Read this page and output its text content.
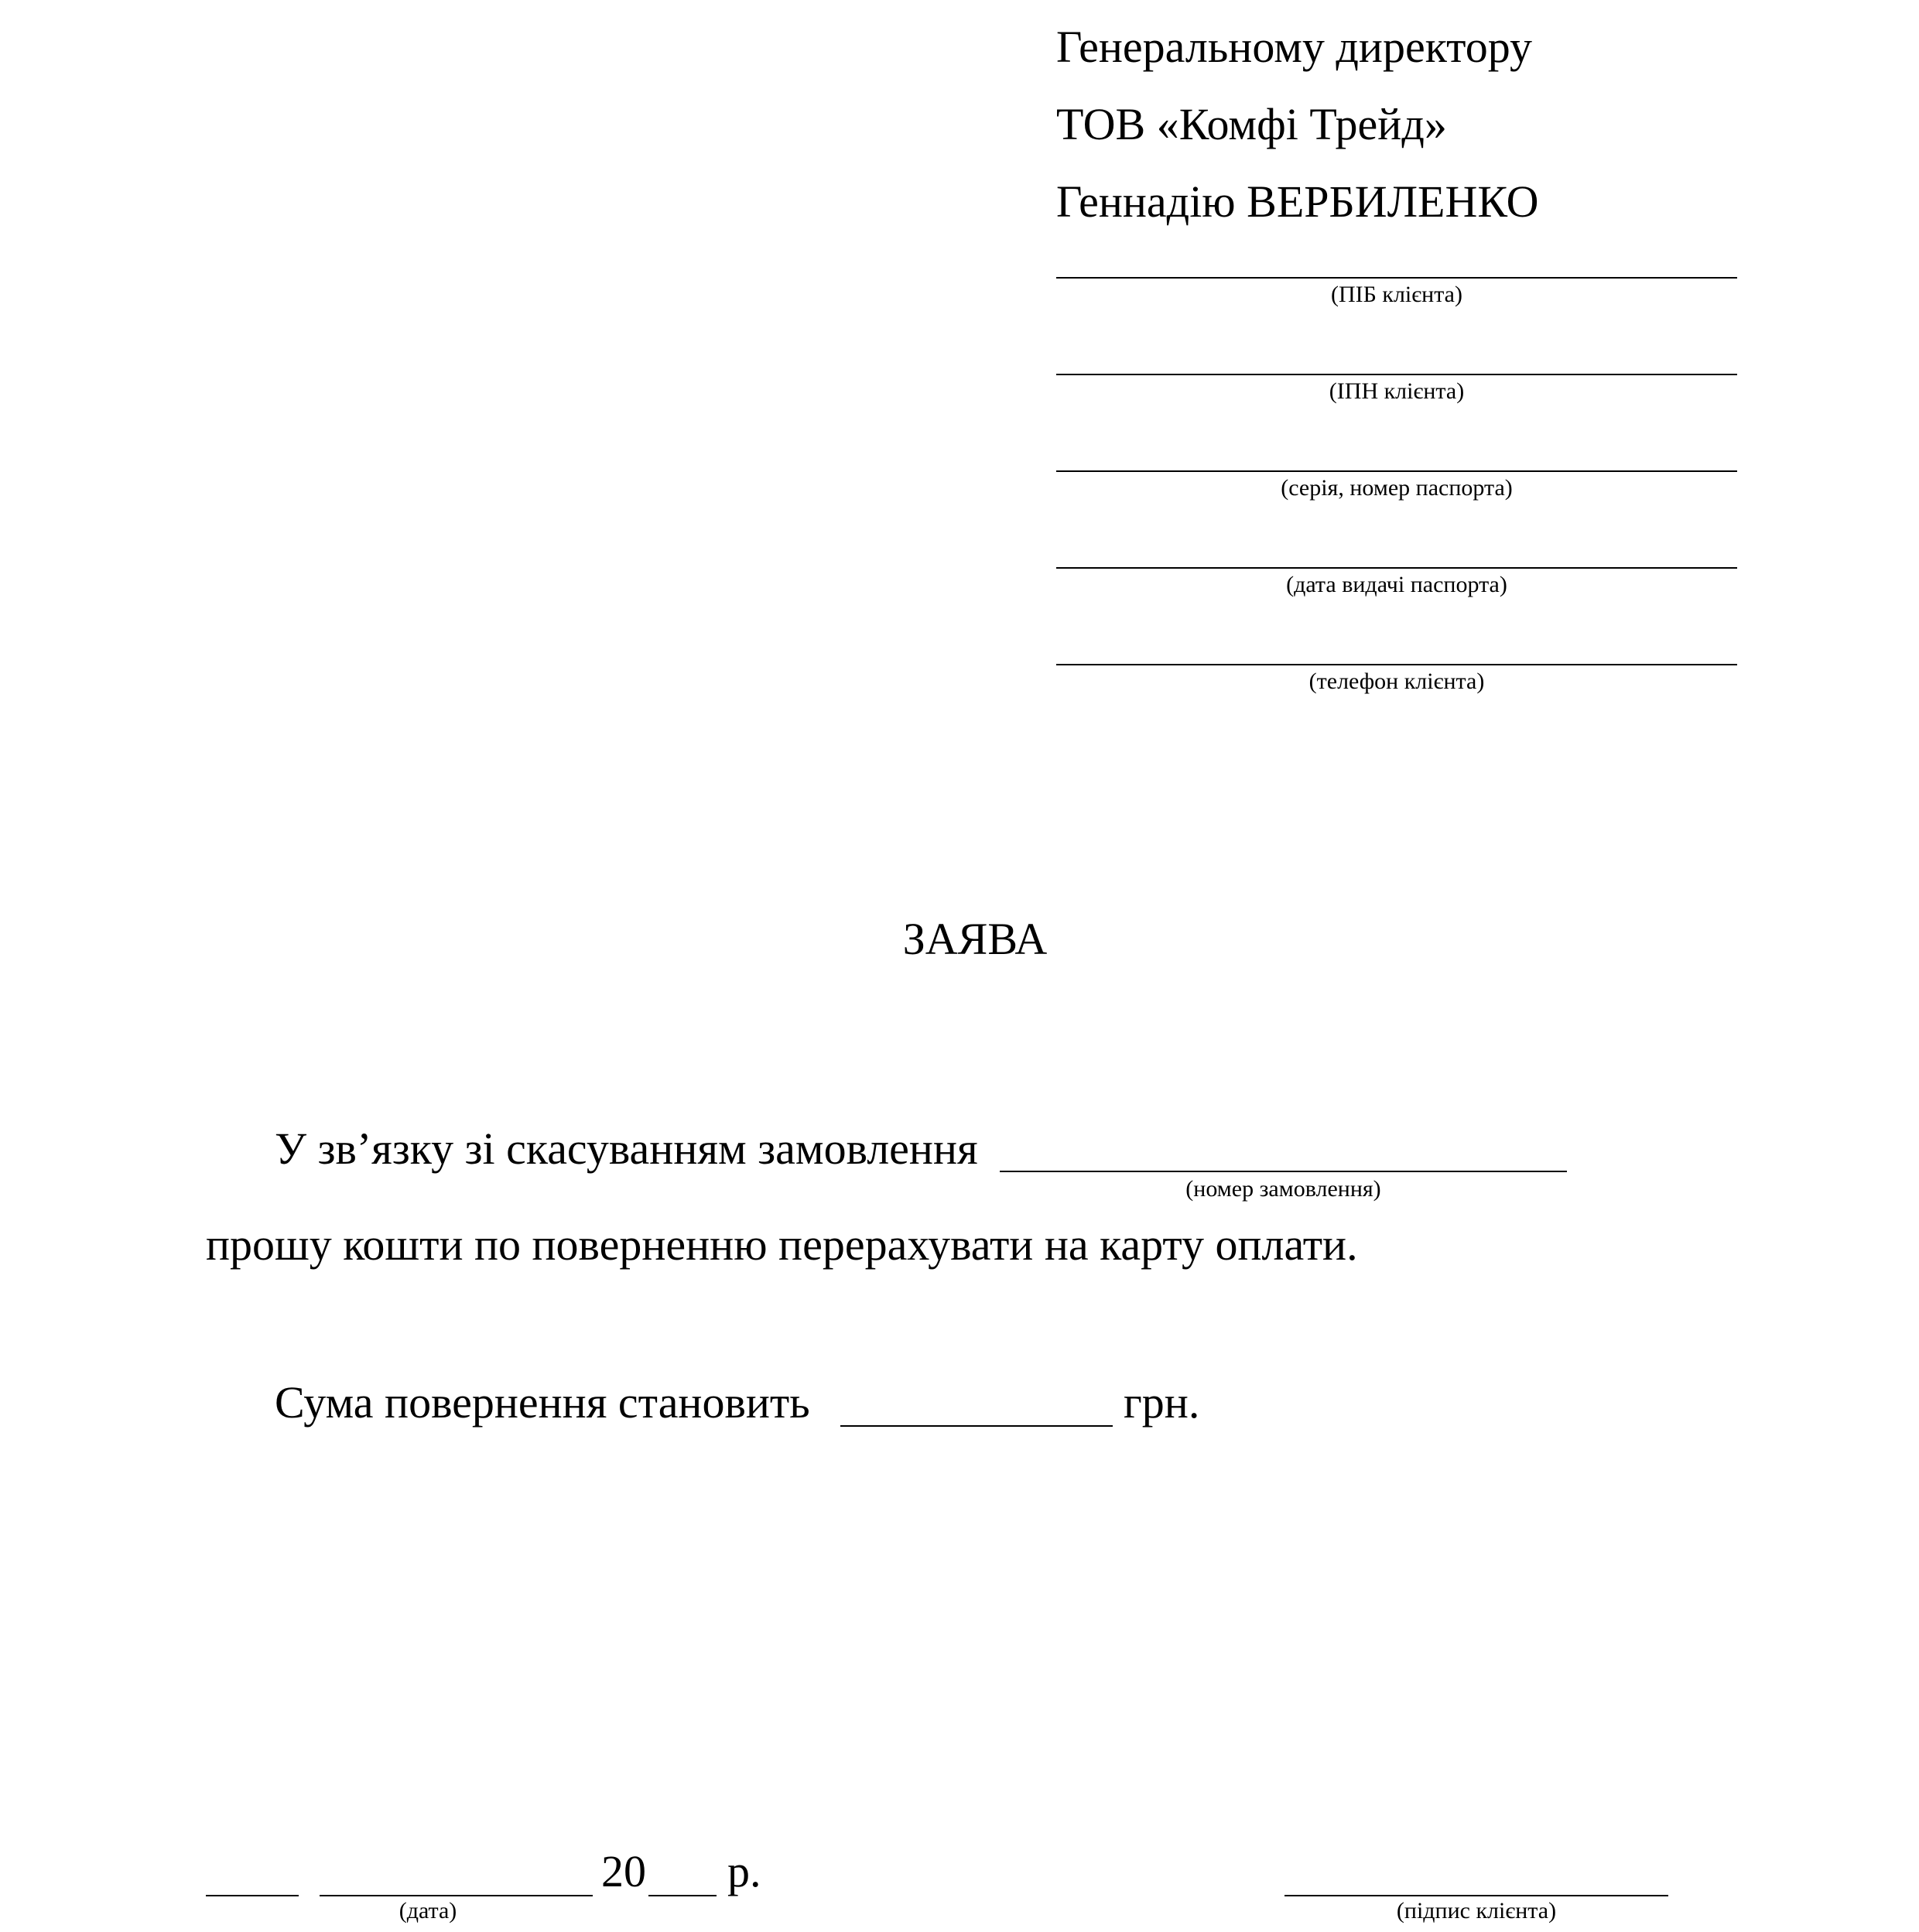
Генеральному директору
ТОВ «Комфі Трейд»
Геннадію ВЕРБИЛЕНКО
(ПІБ клієнта)
(ІПН клієнта)
(серія, номер паспорта)
(дата видачі паспорта)
(телефон клієнта)
ЗАЯВА
У зв’язку зі скасуванням замовлення
(номер замовлення)
прошу кошти по поверненню перерахувати на карту оплати.
Сума повернення становить	грн.
20 р.
(дата)	(підпис клієнта)
